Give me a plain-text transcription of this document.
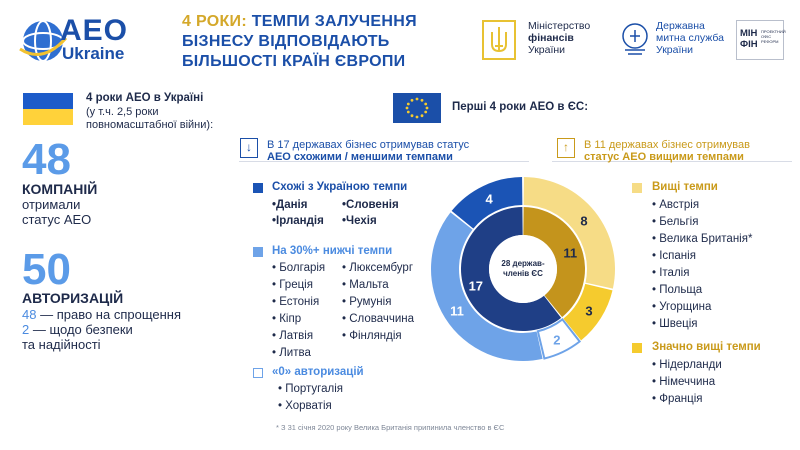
AEO
Ukraine
4 РОКИ: ТЕМПИ ЗАЛУЧЕННЯ БІЗНЕСУ ВІДПОВІДАЮТЬ БІЛЬШОСТІ КРАЇН ЄВРОПИ
Міністерство
фінансів
України
Державна
митна служба
України
МІН
ФІН
ПРОЕКТНИЙ ОФІС РЕФОРМ
4 роки AEO в Україні
(у т.ч. 2,5 роки повномасштабної війни):
48
КОМПАНІЙ
отримали
статус AEO
50
АВТОРИЗАЦІЙ
48 — право на спрощення
2 — щодо безпеки
та надійності
Перші 4 роки AEO в ЄС:
↓	В 17 державах бізнес отримував статус
АЕО схожими / меншими темпами
↑	В 11 державах бізнес отримував
статус АЕО вищими темпами
Схожі з Україною темпи
•Данія
•Ірландія
•Словенія
•Чехія
На 30%+ нижчі темпи
• Болгарія
• Греція
• Естонія
• Кіпр
• Латвія
• Литва
• Люксембург
• Мальта
• Румунія
• Словаччина
• Фінляндія
«0» авторизацій
• Португалія
• Хорватія
28 держав-
членів ЄС
8
3
2
11
4
11
17
Вищі темпи
• Австрія
• Бельгія
• Велика Британія*
• Іспанія
• Італія
• Польща
• Угорщина
• Швеція
Значно вищі темпи
• Нідерланди
• Німеччина
• Франція
* З 31 січня 2020 року Велика Британія припинила членство в ЄС
